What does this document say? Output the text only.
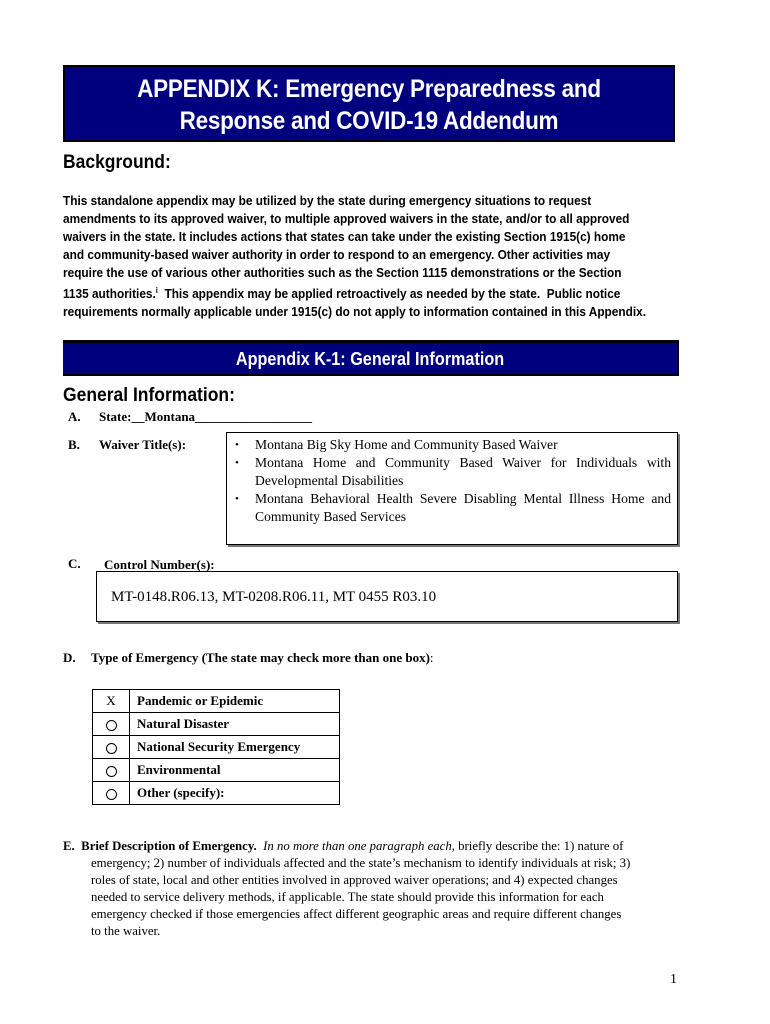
APPENDIX K: Emergency Preparedness and
Response and COVID-19 Addendum
Background:
This standalone appendix may be utilized by the state during emergency situations to request
amendments to its approved waiver, to multiple approved waivers in the state, and/or to all approved
waivers in the state. It includes actions that states can take under the existing Section 1915(c) home
and community-based waiver authority in order to respond to an emergency. Other activities may
require the use of various other authorities such as the Section 1115 demonstrations or the Section
1135 authorities.$^i$  This appendix may be applied retroactively as needed by the state.  Public notice
requirements normally applicable under 1915(c) do not apply to information contained in this Appendix.
Appendix K-1: General Information
General Information:
A. State:__Montana__________________
B. Waiver Title(s):	• Montana Big Sky Home and Community Based Waiver
• Montana Home and Community Based Waiver for Individuals with Developmental Disabilities
• Montana Behavioral Health Severe Disabling Mental Illness Home and Community Based Services
C. Control Number(s):
MT-0148.R06.13, MT-0208.R06.11, MT 0455 R03.10
D. Type of Emergency (The state may check more than one box):
X	Pandemic or Epidemic
	Natural Disaster
	National Security Emergency
	Environmental
	Other (specify):
E. Brief Description of Emergency. In no more than one paragraph each, briefly describe the: 1) nature of
emergency; 2) number of individuals affected and the state’s mechanism to identify individuals at risk; 3)
roles of state, local and other entities involved in approved waiver operations; and 4) expected changes
needed to service delivery methods, if applicable. The state should provide this information for each
emergency checked if those emergencies affect different geographic areas and require different changes
to the waiver.
1
